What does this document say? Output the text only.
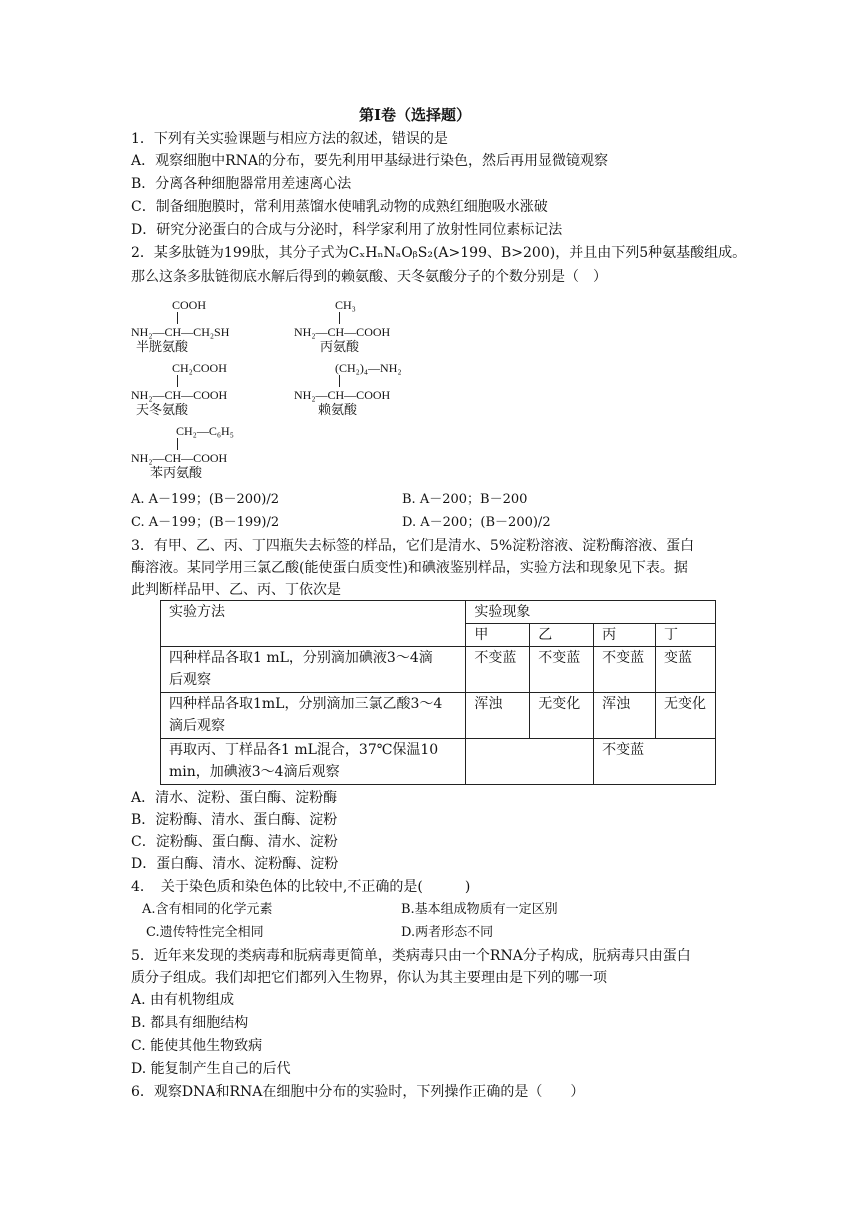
第Ⅰ卷（选择题）
1．下列有关实验课题与相应方法的叙述，错误的是
A．观察细胞中RNA的分布，要先利用甲基绿进行染色，然后再用显微镜观察
B．分离各种细胞器常用差速离心法
C．制备细胞膜时，常利用蒸馏水使哺乳动物的成熟红细胞吸水涨破
D．研究分泌蛋白的合成与分泌时，科学家利用了放射性同位素标记法
2．某多肽链为199肽，其分子式为CₓHₙNₐOᵦS₂(A>199、B>200)，并且由下列5种氨基酸组成。
那么这条多肽链彻底水解后得到的赖氨酸、天冬氨酸分子的个数分别是（　）
COOH
NH₂—CH—CH₂SH
半胱氨酸
CH₃
NH₂—CH—COOH
丙氨酸
CH₂COOH
NH₂—CH—COOH
天冬氨酸
(CH₂)₄—NH₂
NH₂—CH—COOH
赖氨酸
CH₂—C₆H₅
NH₂—CH—COOH
苯丙氨酸
A. A－199；(B－200)/2	B. A－200；B－200
C. A－199；(B－199)/2	D. A－200；(B－200)/2
3．有甲、乙、丙、丁四瓶失去标签的样品，它们是清水、5%淀粉溶液、淀粉酶溶液、蛋白
酶溶液。某同学用三氯乙酸(能使蛋白质变性)和碘液鉴别样品，实验方法和现象见下表。据
此判断样品甲、乙、丙、丁依次是
实验方法	实验现象			
	甲	乙	丙	丁

四种样品各取1 mL，分别滴加碘液3～4滴
后观察	不变蓝	不变蓝	不变蓝	变蓝

四种样品各取1mL，分别滴加三氯乙酸3～4
滴后观察	浑浊	无变化	浑浊	无变化

再取丙、丁样品各1 mL混合，37℃保温10
min，加碘液3～4滴后观察			不变蓝	
A．清水、淀粉、蛋白酶、淀粉酶
B．淀粉酶、清水、蛋白酶、淀粉
C．淀粉酶、蛋白酶、清水、淀粉
D．蛋白酶、清水、淀粉酶、淀粉
4．　关于染色质和染色体的比较中,不正确的是(　　　)
A.含有相同的化学元素	B.基本组成物质有一定区别
C.遗传特性完全相同	D.两者形态不同
5．近年来发现的类病毒和朊病毒更简单，类病毒只由一个RNA分子构成，朊病毒只由蛋白
质分子组成。我们却把它们都列入生物界，你认为其主要理由是下列的哪一项
A. 由有机物组成
B. 都具有细胞结构
C. 能使其他生物致病
D. 能复制产生自己的后代
6．观察DNA和RNA在细胞中分布的实验时，下列操作正确的是（　　）
